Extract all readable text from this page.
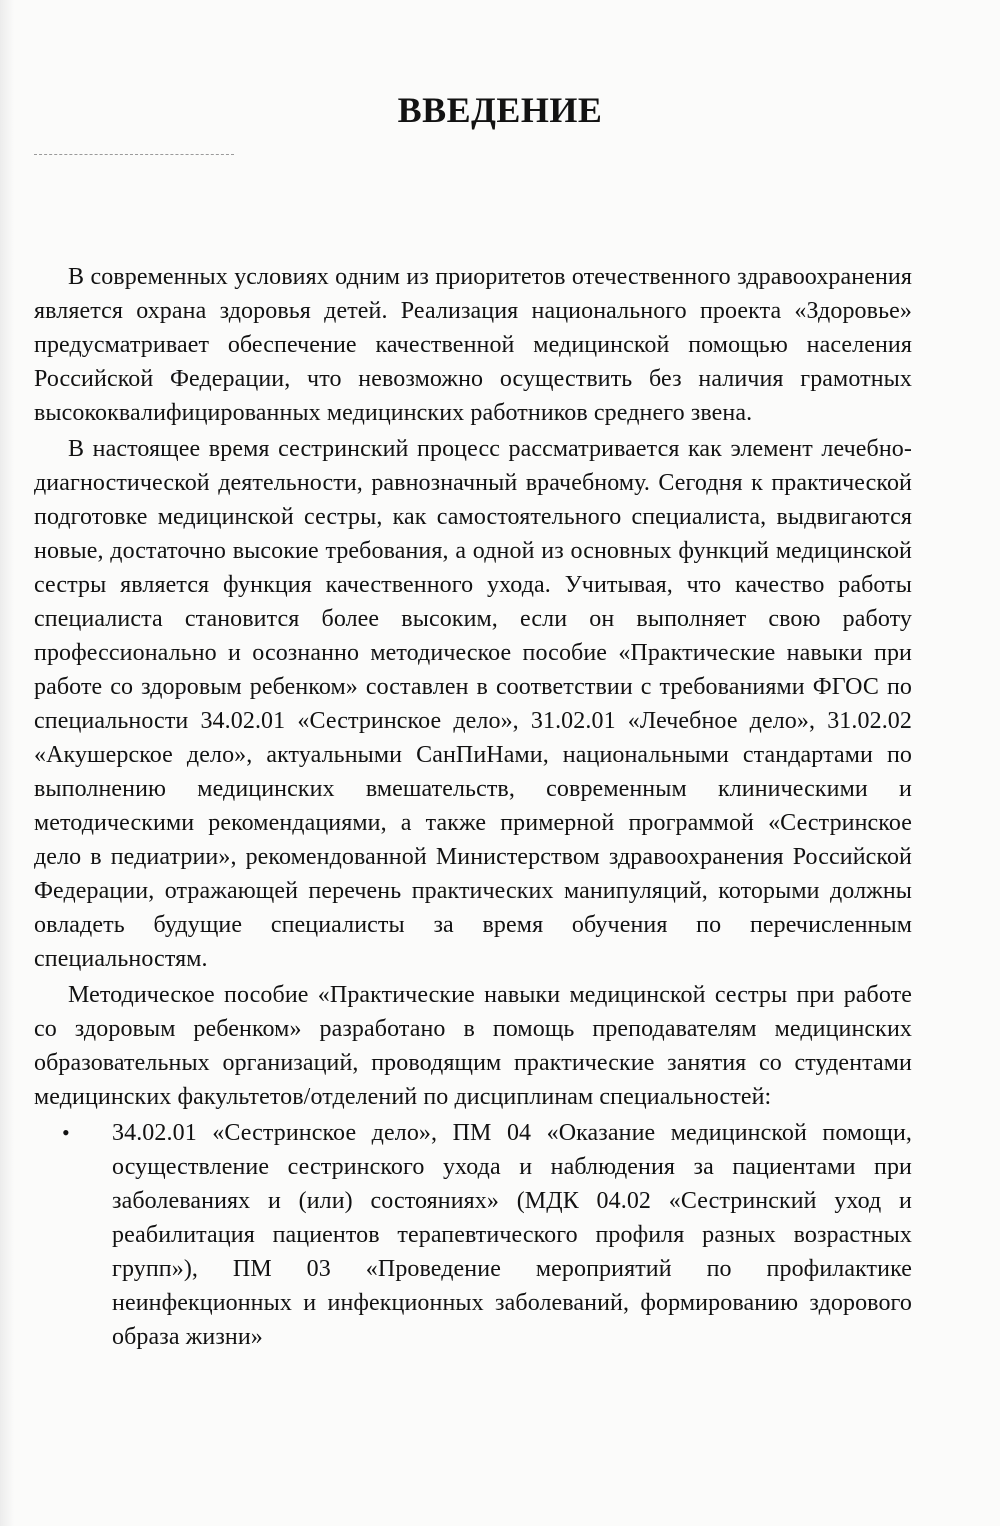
ВВЕДЕНИЕ

В современных условиях одним из приоритетов отечественного здравоохранения является охрана здоровья детей. Реализация национального проекта «Здоровье» предусматривает обеспечение качественной медицинской помощью населения Российской Федерации, что невозможно осуществить без наличия грамотных высококвалифицированных медицинских работников среднего звена.

В настоящее время сестринский процесс рассматривается как элемент лечебно-диагностической деятельности, равнозначный врачебному. Сегодня к практической подготовке медицинской сестры, как самостоятельного специалиста, выдвигаются новые, достаточно высокие требования, а одной из основных функций медицинской сестры является функция качественного ухода. Учитывая, что качество работы специалиста становится более высоким, если он выполняет свою работу профессионально и осознанно методическое пособие «Практические навыки при работе со здоровым ребенком» составлен в соответствии с требованиями ФГОС по специальности 34.02.01 «Сестринское дело», 31.02.01 «Лечебное дело», 31.02.02 «Акушерское дело», актуальными СанПиНами, национальными стандартами по выполнению медицинских вмешательств, современным клиническими и методическими рекомендациями, а также примерной программой «Сестринское дело в педиатрии», рекомендованной Министерством здравоохранения Российской Федерации, отражающей перечень практических манипуляций, которыми должны овладеть будущие специалисты за время обучения по перечисленным специальностям.

Методическое пособие «Практические навыки медицинской сестры при работе со здоровым ребенком» разработано в помощь преподавателям медицинских образовательных организаций, проводящим практические занятия со студентами медицинских факультетов/отделений по дисциплинам специальностей:

• 34.02.01 «Сестринское дело», ПМ 04 «Оказание медицинской помощи, осуществление сестринского ухода и наблюдения за пациентами при заболеваниях и (или) состояниях» (МДК 04.02 «Сестринский уход и реабилитация пациентов терапевтического профиля разных возрастных групп»), ПМ 03 «Проведение мероприятий по профилактике неинфекционных и инфекционных заболеваний, формированию здорового образа жизни»
